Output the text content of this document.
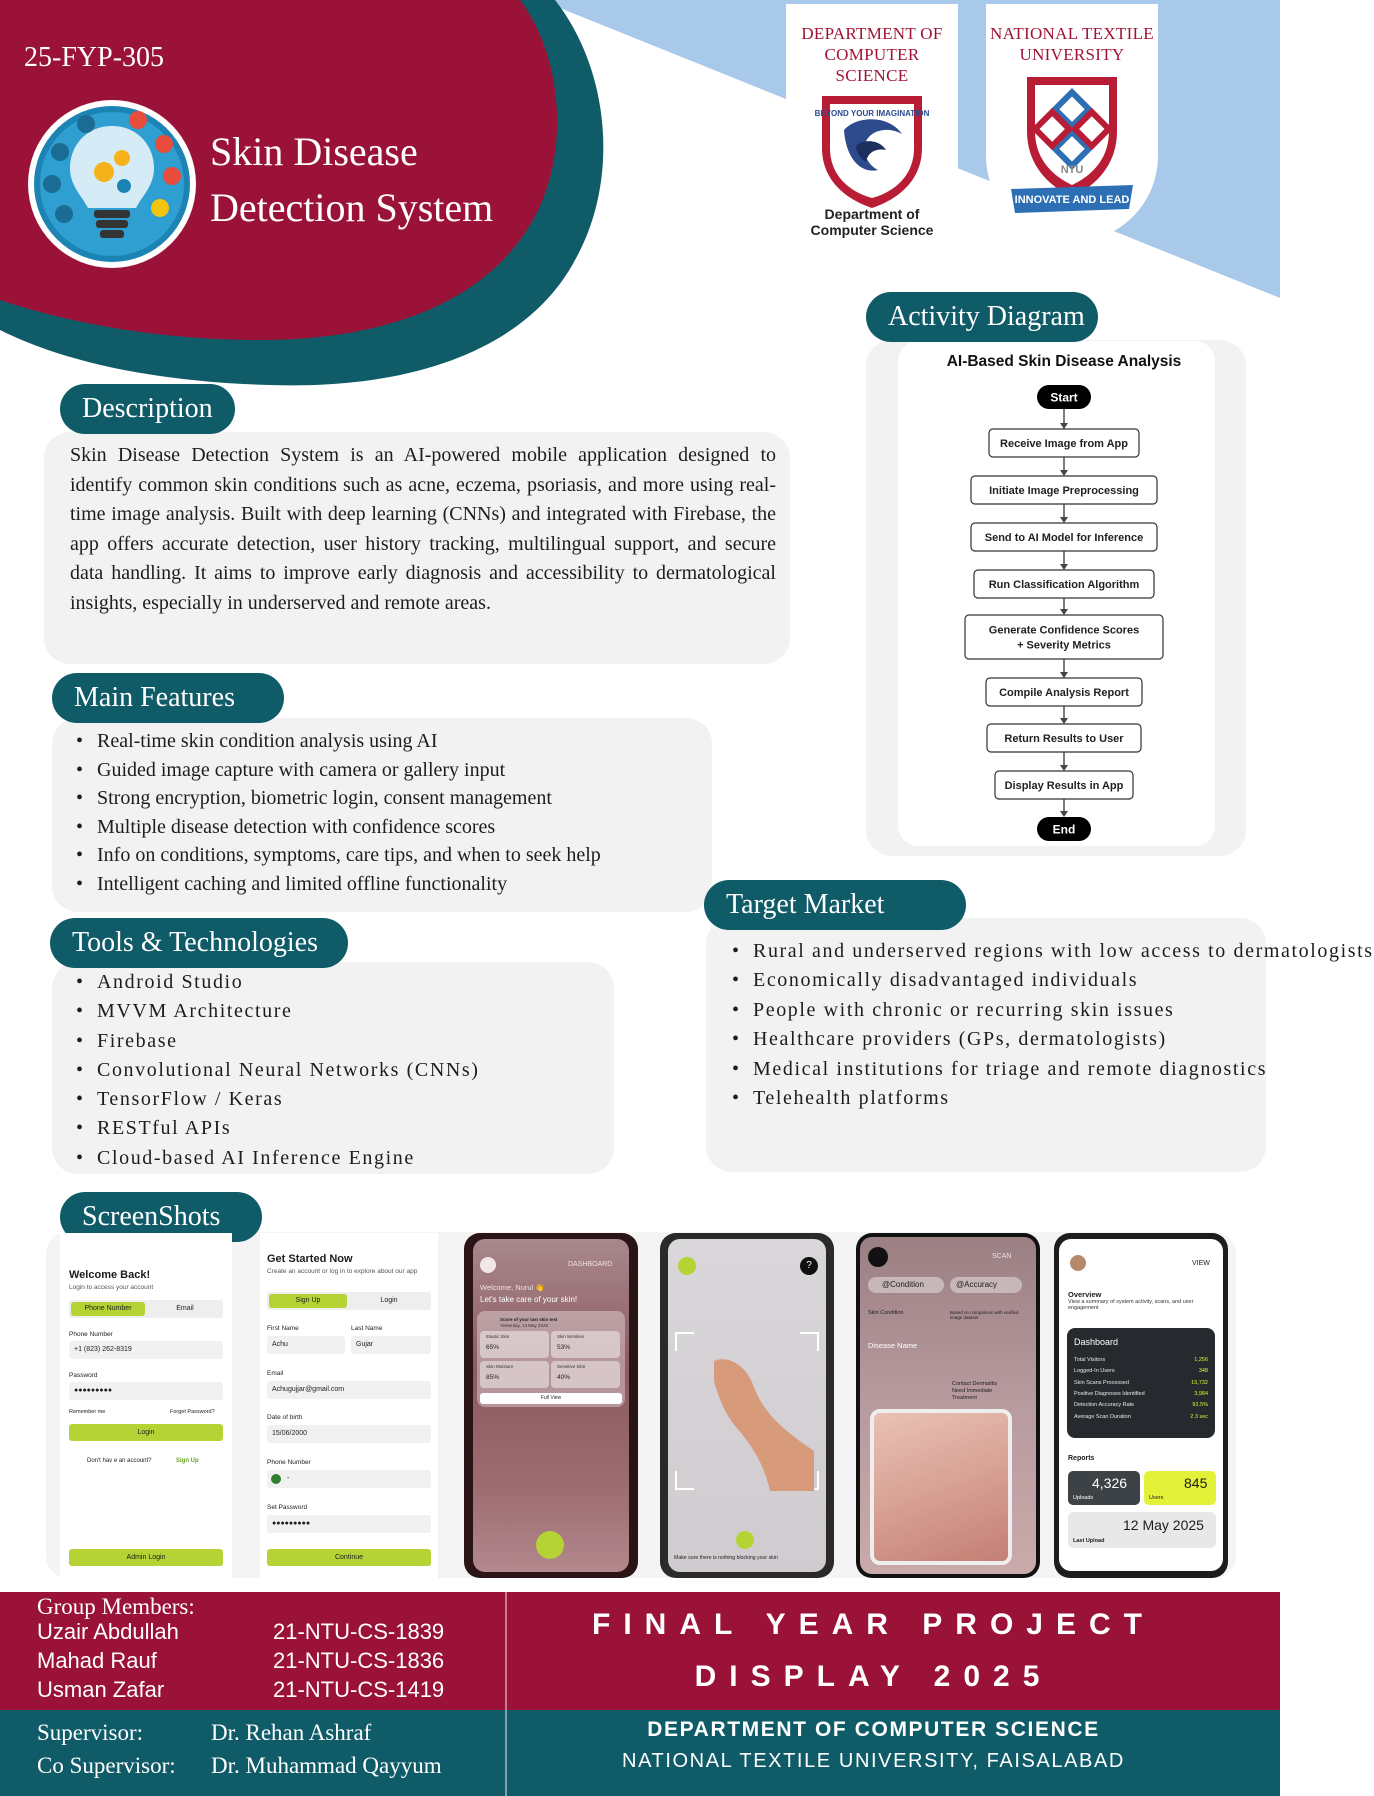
25-FYP-305
Skin Disease
Detection System
DEPARTMENT OF
COMPUTER SCIENCE
BEYOND YOUR IMAGINATION
Department of
Computer Science
NATIONAL TEXTILE
UNIVERSITY
NTU
INNOVATE AND LEAD
Description
Skin Disease Detection System is an AI-powered mobile application designed to identify common skin conditions such as acne, eczema, psoriasis, and more using real-time image analysis. Built with deep learning (CNNs) and integrated with Firebase, the app offers accurate detection, user history tracking, multilingual support, and secure data handling. It aims to improve early diagnosis and accessibility to dermatological insights, especially in underserved and remote areas.
Main Features
• Real-time skin condition analysis using AI
• Guided image capture with camera or gallery input
• Strong encryption, biometric login, consent management
• Multiple disease detection with confidence scores
• Info on conditions, symptoms, care tips, and when to seek help
• Intelligent caching and limited offline functionality
Tools & Technologies
• Android Studio
• MVVM Architecture
• Firebase
• Convolutional Neural Networks (CNNs)
• TensorFlow / Keras
• RESTful APIs
• Cloud-based AI Inference Engine
AI-Based Skin Disease Analysis
Start
Receive Image from App
Initiate Image Preprocessing
Send to AI Model for Inference
Run Classification Algorithm
Generate Confidence Scores
+ Severity Metrics
Compile Analysis Report
Return Results to User
Display Results in App
End
Activity Diagram
Target Market
• Rural and underserved regions with low access to dermatologists
• Economically disadvantaged individuals
• People with chronic or recurring skin issues
• Healthcare providers (GPs, dermatologists)
• Medical institutions for triage and remote diagnostics
• Telehealth platforms
ScreenShots
Welcome Back!
Login to access your account
Phone Number	Email
Phone Number
+1 (823) 262-8319
Password
●●●●●●●●●
Remember me	Forget Password?
Login
Don't hav e an account?	Sign Up
Admin Login
Get Started Now
Create an account or log in to explore about our app
Sign Up	Login
First Name	Last Name
Achu	Gujar
Email
Achugujjar@gmail.com
Date of birth
15/06/2000
Phone Number
-
Set Password
●●●●●●●●●
Continue
DASHBOARD
Welcome, Nurul 👋
Let's take care of your skin!
Score of your last skin test
Yesterday, 13 May 2025
Elastic Skin
65%
Skin Wrinkles
53%
Skin Moisture
85%
Sensitive Skin
40%
Full View
?
Make sure there is nothing blocking your skin
SCAN
@Condition	@Accuracy
Skin Condition	Based on comparison with verified image dataset
Disease Name
Contact Dermatitis
Need Immediate
Treatment
VIEW
Overview
View a summary of system activity, scans, and user engagement
Dashboard
Total Visitors	1,256
Logged-In Users	348
Skin Scans Processed	15,732
Positive Diagnoses Identified	3,984
Detection Accuracy Rate	92.5%
Average Scan Duration	2.3 sec
Reports
4,326
Uploads
845
Users
12 May 2025
Last Upload
Group Members:
Uzair Abdullah	21-NTU-CS-1839
Mahad Rauf	21-NTU-CS-1836
Usman Zafar	21-NTU-CS-1419
FINAL YEAR PROJECT
DISPLAY 2025
Supervisor:	Dr. Rehan Ashraf
Co Supervisor: Dr. Muhammad Qayyum
DEPARTMENT OF COMPUTER SCIENCE
NATIONAL TEXTILE UNIVERSITY, FAISALABAD
